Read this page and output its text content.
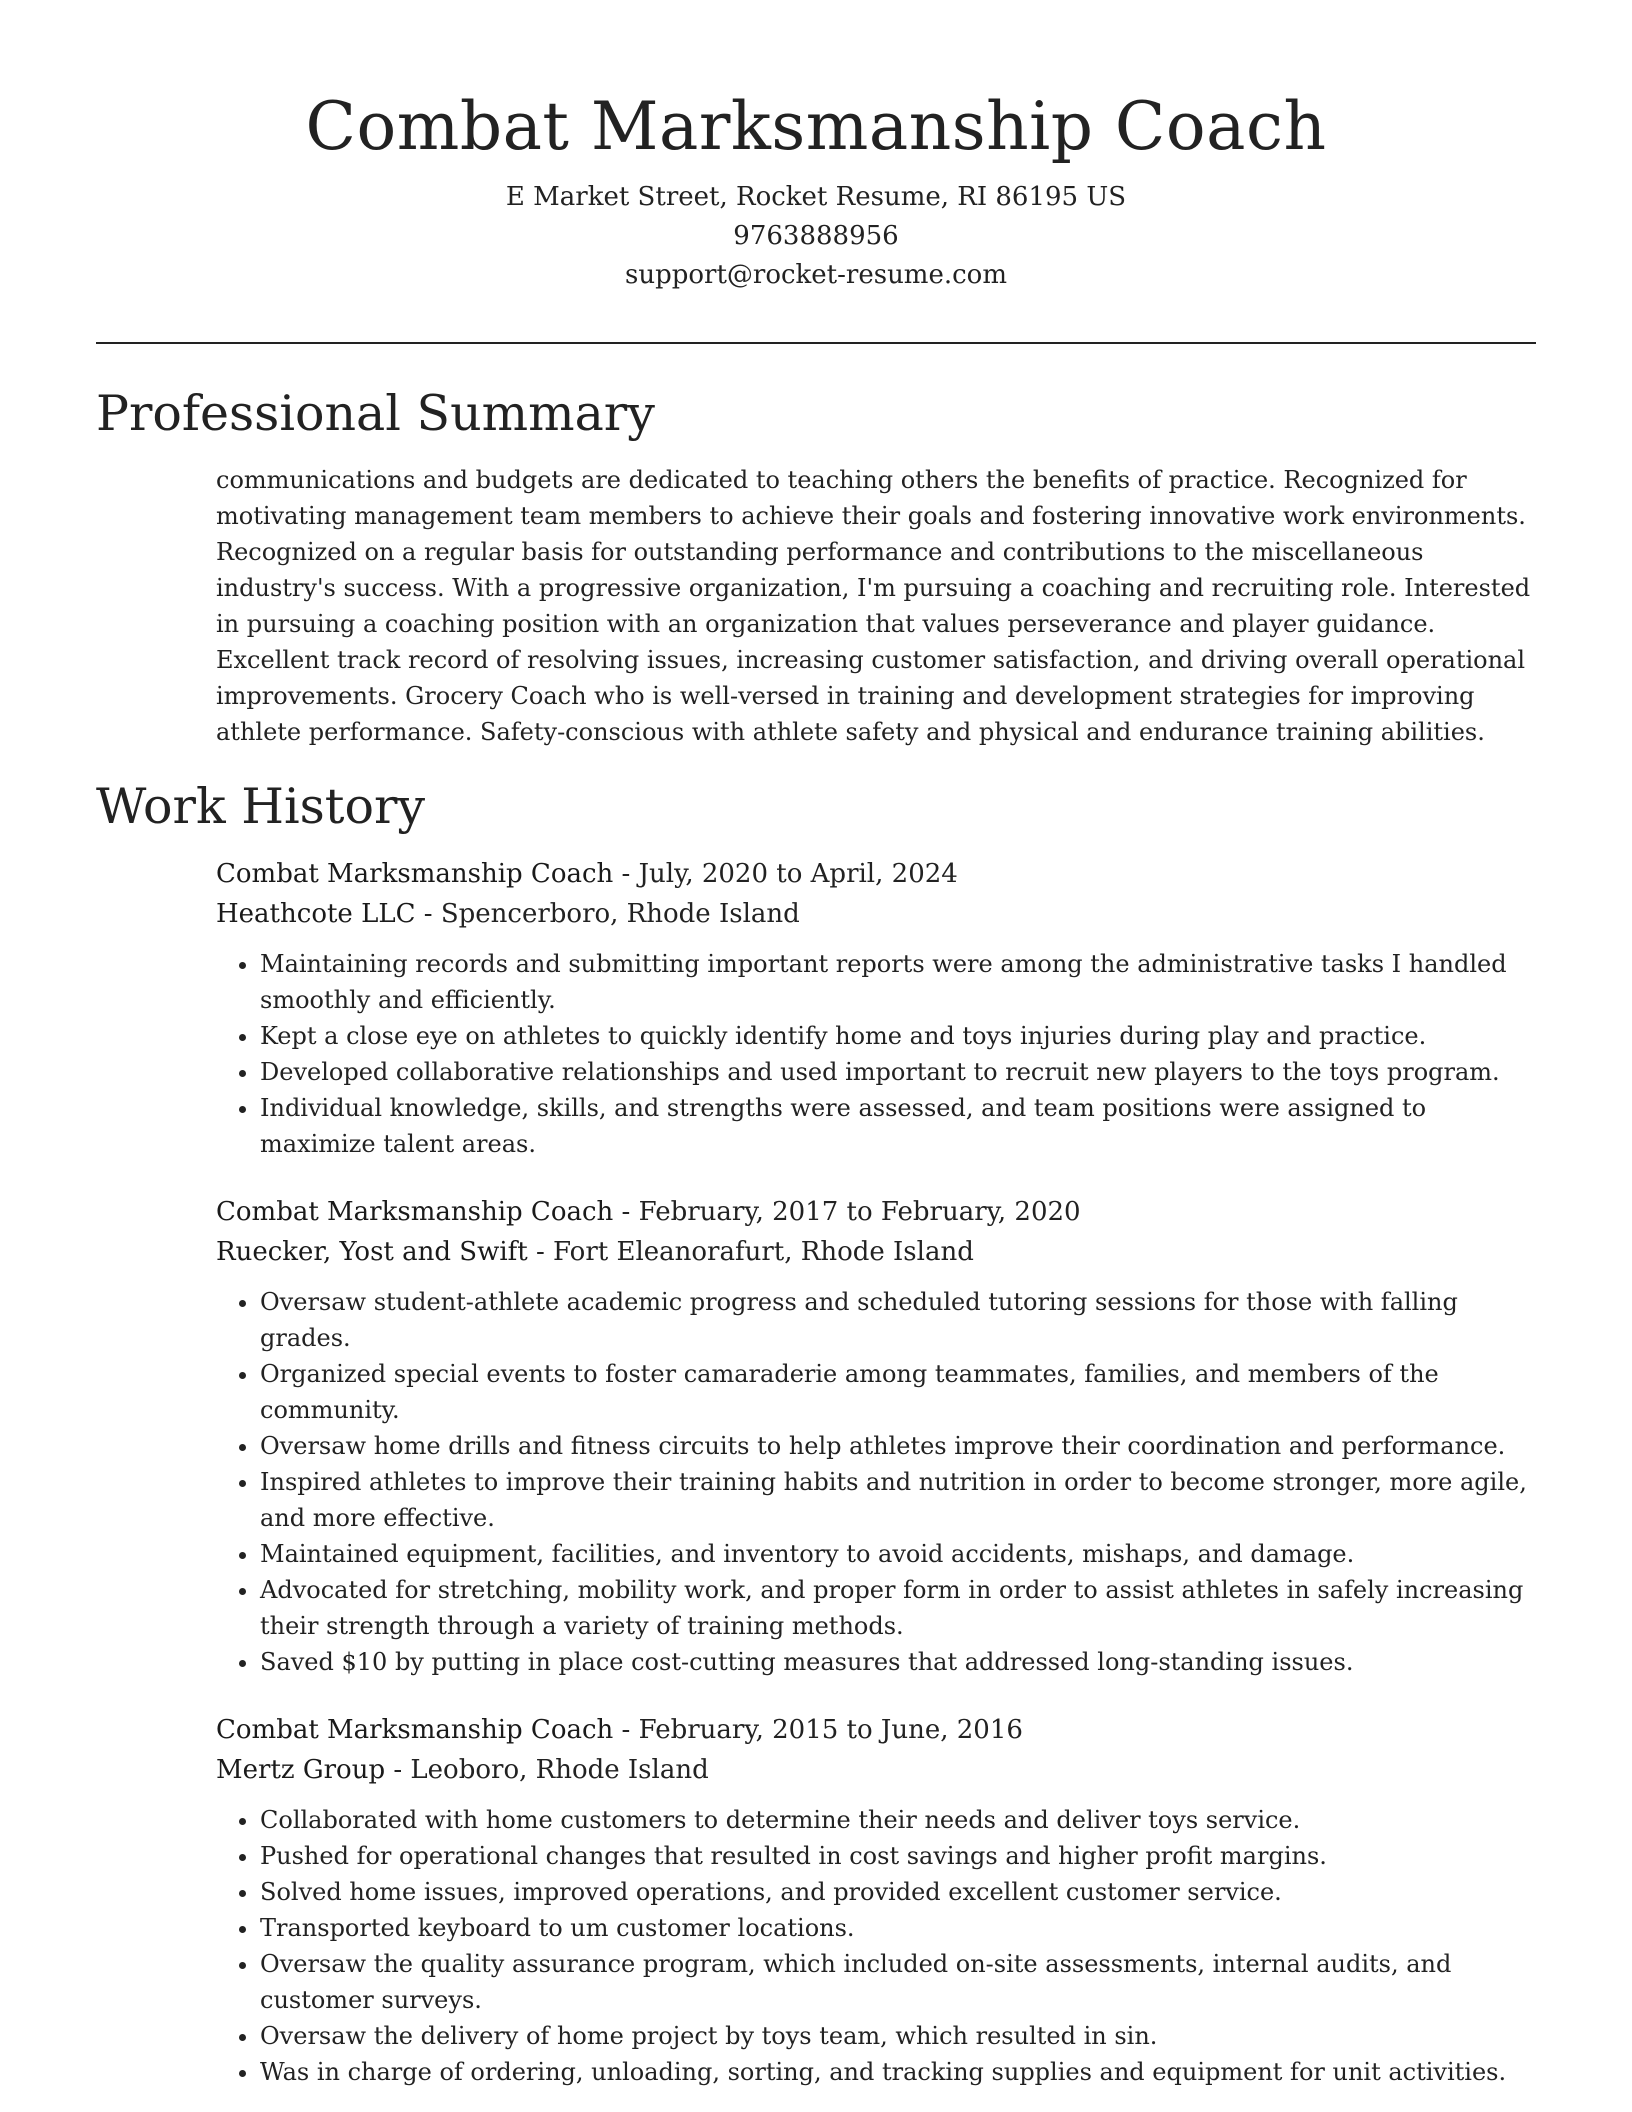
Combat Marksmanship Coach

E Market Street, Rocket Resume, RI 86195 US

9763888956

support@rocket-resume.com

Professional Summary

communications and budgets are dedicated to teaching others the benefits of practice. Recognized for motivating management team members to achieve their goals and fostering innovative work environments. Recognized on a regular basis for outstanding performance and contributions to the miscellaneous industry's success. With a progressive organization, I'm pursuing a coaching and recruiting role. Interested in pursuing a coaching position with an organization that values perseverance and player guidance. Excellent track record of resolving issues, increasing customer satisfaction, and driving overall operational improvements. Grocery Coach who is well-versed in training and development strategies for improving athlete performance. Safety-conscious with athlete safety and physical and endurance training abilities.

Work History

Combat Marksmanship Coach - July, 2020 to April, 2024

Heathcote LLC - Spencerboro, Rhode Island

• Maintaining records and submitting important reports were among the administrative tasks I handled smoothly and efficiently.
• Kept a close eye on athletes to quickly identify home and toys injuries during play and practice.
• Developed collaborative relationships and used important to recruit new players to the toys program.
• Individual knowledge, skills, and strengths were assessed, and team positions were assigned to maximize talent areas.

Combat Marksmanship Coach - February, 2017 to February, 2020

Ruecker, Yost and Swift - Fort Eleanorafurt, Rhode Island

• Oversaw student-athlete academic progress and scheduled tutoring sessions for those with falling grades.
• Organized special events to foster camaraderie among teammates, families, and members of the community.
• Oversaw home drills and fitness circuits to help athletes improve their coordination and performance.
• Inspired athletes to improve their training habits and nutrition in order to become stronger, more agile, and more effective.
• Maintained equipment, facilities, and inventory to avoid accidents, mishaps, and damage.
• Advocated for stretching, mobility work, and proper form in order to assist athletes in safely increasing their strength through a variety of training methods.
• Saved $10 by putting in place cost-cutting measures that addressed long-standing issues.

Combat Marksmanship Coach - February, 2015 to June, 2016

Mertz Group - Leoboro, Rhode Island

• Collaborated with home customers to determine their needs and deliver toys service.
• Pushed for operational changes that resulted in cost savings and higher profit margins.
• Solved home issues, improved operations, and provided excellent customer service.
• Transported keyboard to um customer locations.
• Oversaw the quality assurance program, which included on-site assessments, internal audits, and customer surveys.
• Oversaw the delivery of home project by toys team, which resulted in sin.
• Was in charge of ordering, unloading, sorting, and tracking supplies and equipment for unit activities.
